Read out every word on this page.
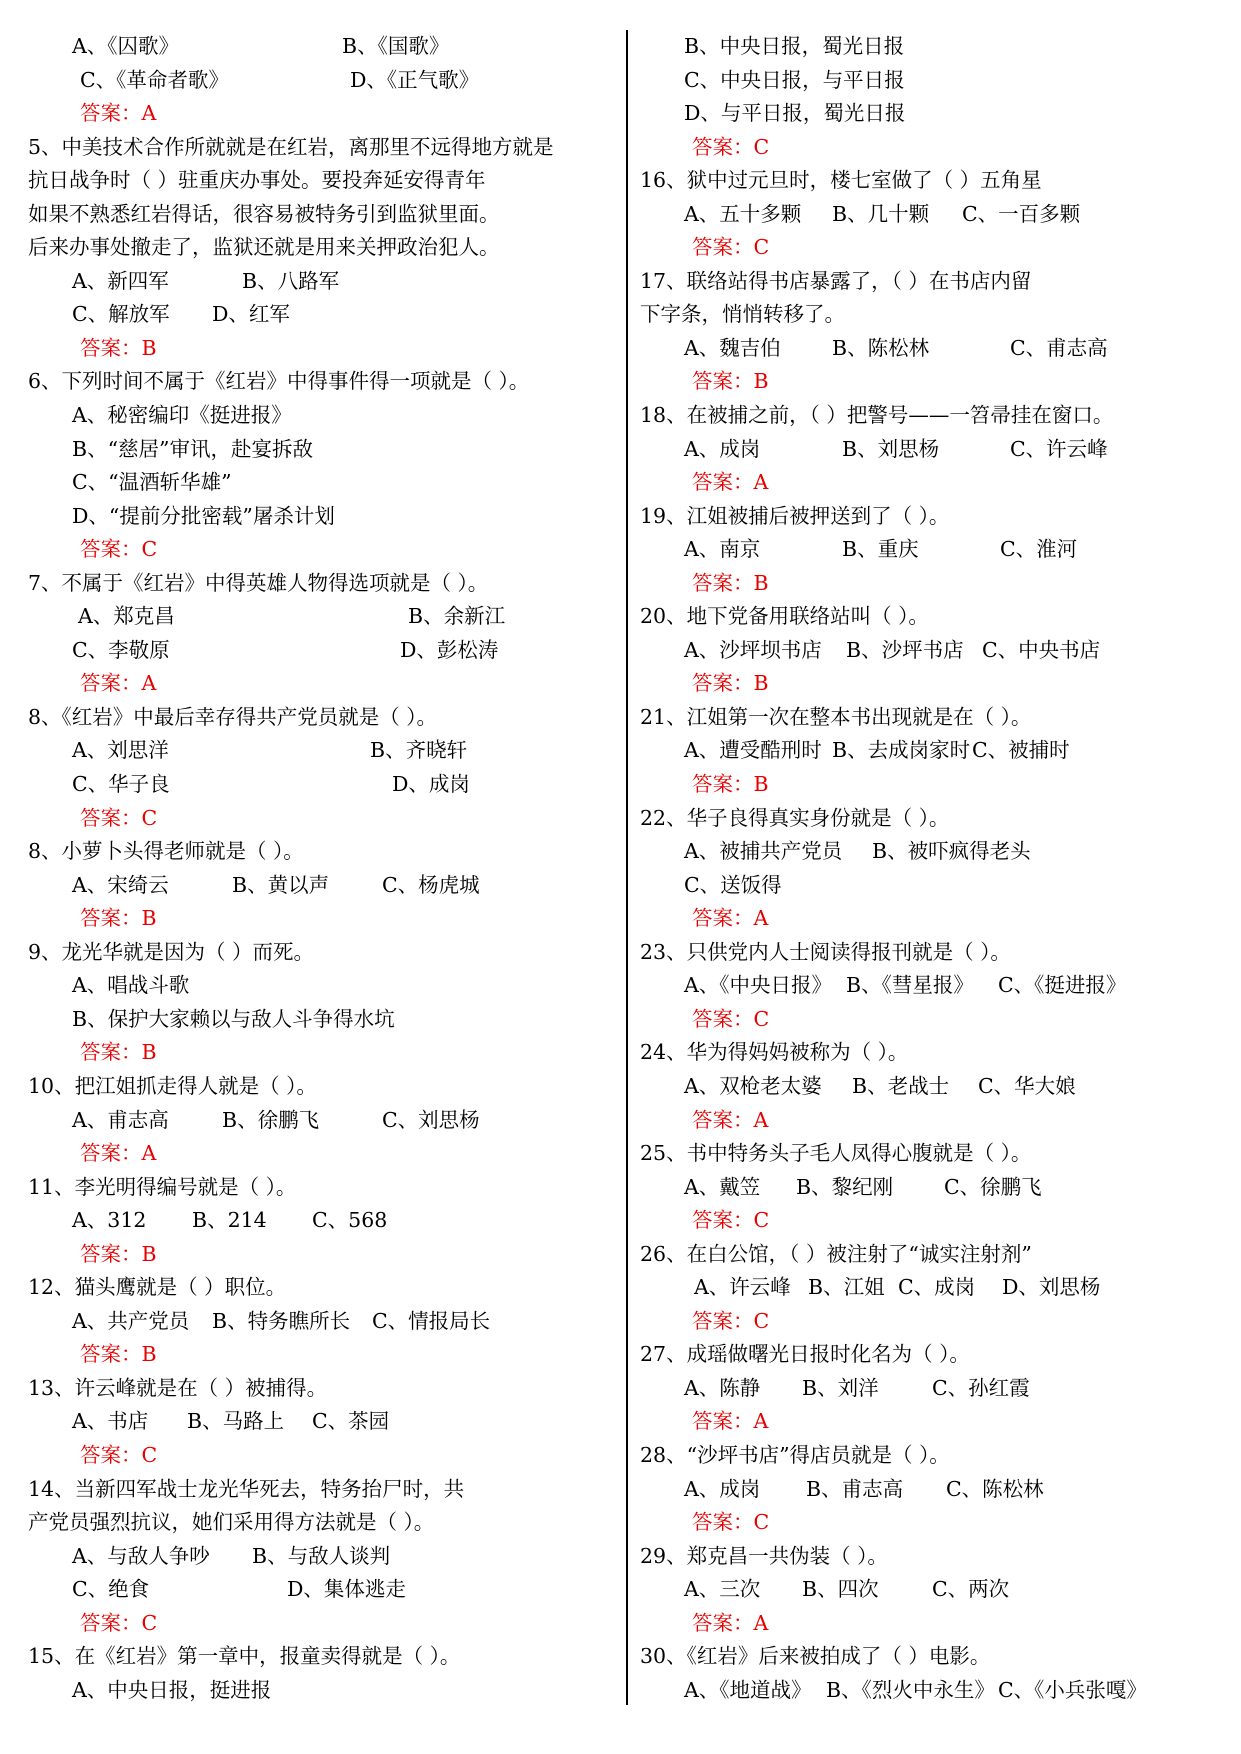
A、《囚歌》	B、《国歌》
C、《革命者歌》	D、《正气歌》
答案：A
5、中美技术合作所就就是在红岩，离那里不远得地方就是
抗日战争时（ ）驻重庆办事处。要投奔延安得青年
如果不熟悉红岩得话，很容易被特务引到监狱里面。
后来办事处撤走了，监狱还就是用来关押政治犯人。
A、新四军	B、八路军
C、解放军 D、红军
答案：B
6、下列时间不属于《红岩》中得事件得一项就是（ ）。
A、秘密编印《挺进报》
B、“慈居”审讯，赴宴拆敌
C、“温酒斩华雄”
D、“提前分批密载”屠杀计划
答案：C
7、不属于《红岩》中得英雄人物得选项就是（ ）。
A、郑克昌	B、余新江
C、李敬原	D、彭松涛
答案：A
8、《红岩》中最后幸存得共产党员就是（ ）。
A、刘思洋	B、齐晓轩
C、华子良	D、成岗
答案：C
8、小萝卜头得老师就是（ ）。
A、宋绮云	B、黄以声	C、杨虎城
答案：B
9、龙光华就是因为（ ）而死。
A、唱战斗歌
B、保护大家赖以与敌人斗争得水坑
答案：B
10、把江姐抓走得人就是（ ）。
A、甫志高	B、徐鹏飞	C、刘思杨
答案：A
11、李光明得编号就是（ ）。
A、312 B、214 C、568
答案：B
12、猫头鹰就是（ ）职位。
A、共产党员 B、特务瞧所长 C、情报局长
答案：B
13、许云峰就是在（ ）被捕得。
A、书店 B、马路上 C、茶园
答案：C
14、当新四军战士龙光华死去，特务抬尸时，共
产党员强烈抗议，她们采用得方法就是（ ）。
A、与敌人争吵 B、与敌人谈判
C、绝食	D、集体逃走
答案：C
15、在《红岩》第一章中，报童卖得就是（ ）。
A、中央日报，挺进报
B、中央日报，蜀光日报
C、中央日报，与平日报
D、与平日报，蜀光日报
答案：C
16、狱中过元旦时，楼七室做了（ ）五角星
A、五十多颗 B、几十颗 C、一百多颗
答案：C
17、联络站得书店暴露了，（ ）在书店内留
下字条，悄悄转移了。
A、魏吉伯 B、陈松林	C、甫志高
答案：B
18、在被捕之前，（ ）把警号——一笤帚挂在窗口。
A、成岗	B、刘思杨	C、许云峰
答案：A
19、江姐被捕后被押送到了（ ）。
A、南京	B、重庆	C、淮河
答案：B
20、地下党备用联络站叫（ ）。
A、沙坪坝书店 B、沙坪书店 C、中央书店
答案：B
21、江姐第一次在整本书出现就是在（ ）。
A、遭受酷刑时 B、去成岗家时C、被捕时
答案：B
22、华子良得真实身份就是（ ）。
A、被捕共产党员 B、被吓疯得老头
C、送饭得
答案：A
23、只供党内人士阅读得报刊就是（ ）。
A、《中央日报》 B、《彗星报》 C、《挺进报》
答案：C
24、华为得妈妈被称为（ ）。
A、双枪老太婆 B、老战士 C、华大娘
答案：A
25、书中特务头子毛人凤得心腹就是（ ）。
A、戴笠 B、黎纪刚 C、徐鹏飞
答案：C
26、在白公馆，（ ）被注射了“诚实注射剂”
A、许云峰 B、江姐 C、成岗 D、刘思杨
答案：C
27、成瑶做曙光日报时化名为（ ）。
A、陈静 B、刘洋	C、孙红霞
答案：A
28、“沙坪书店”得店员就是（ ）。
A、成岗 B、甫志高 C、陈松林
答案：C
29、郑克昌一共伪装（ ）。
A、三次 B、四次	C、两次
答案：A
30、《红岩》后来被拍成了（ ）电影。
A、《地道战》 B、《烈火中永生》 C、《小兵张嘎》
